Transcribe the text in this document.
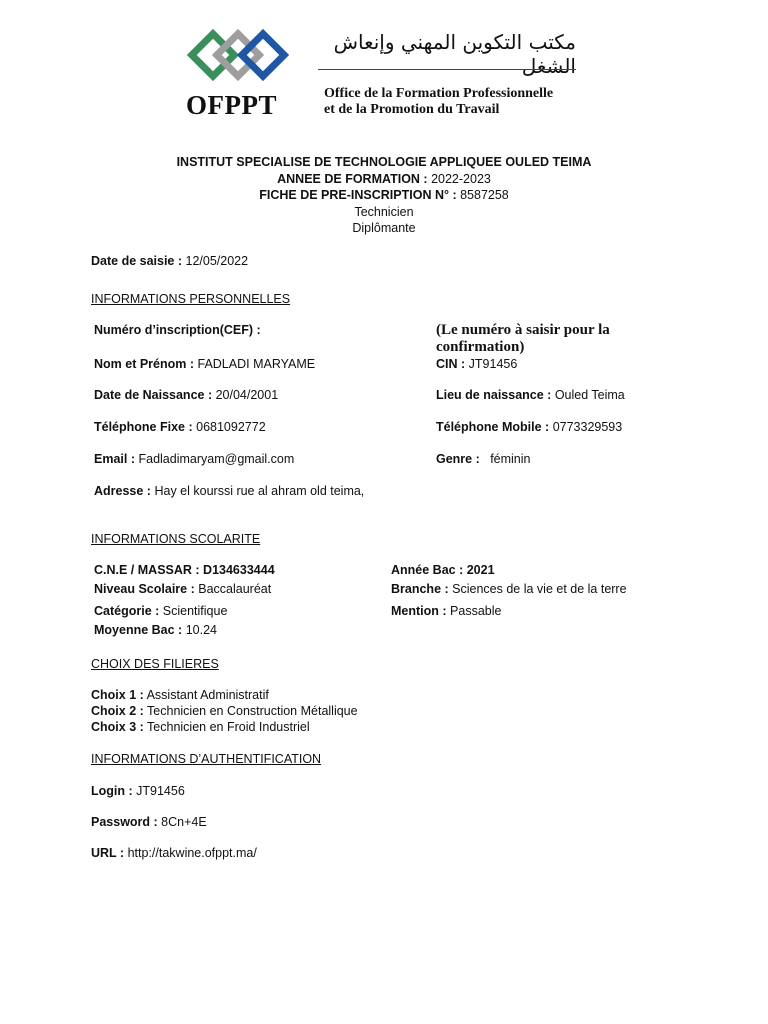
OFPPT
مكتب التكوين المهني وإنعاش الشغل
Office de la Formation Professionnelle
et de la Promotion du Travail
INSTITUT SPECIALISE DE TECHNOLOGIE APPLIQUEE OULED TEIMA
ANNEE DE FORMATION : 2022-2023
FICHE DE PRE-INSCRIPTION N° : 8587258
Technicien
Diplômante
Date de saisie : 12/05/2022
INFORMATIONS PERSONNELLES
Numéro d’inscription(CEF) :	(Le numéro à saisir pour la confirmation)
Nom et Prénom : FADLADI MARYAME	CIN : JT91456
Date de Naissance : 20/04/2001	Lieu de naissance : Ouled Teima
Téléphone Fixe : 0681092772	Téléphone Mobile : 0773329593
Email : Fadladimaryam@gmail.com	Genre : féminin
Adresse : Hay el kourssi rue al ahram old teima,
INFORMATIONS SCOLARITE
C.N.E / MASSAR : D134633444	Année Bac : 2021
Niveau Scolaire : Baccalauréat	Branche : Sciences de la vie et de la terre
Catégorie : Scientifique	Mention : Passable
Moyenne Bac : 10.24
CHOIX DES FILIERES
Choix 1 : Assistant Administratif
Choix 2 : Technicien en Construction Métallique
Choix 3 : Technicien en Froid Industriel
INFORMATIONS D’AUTHENTIFICATION
Login : JT91456
Password : 8Cn+4E
URL : http://takwine.ofppt.ma/
